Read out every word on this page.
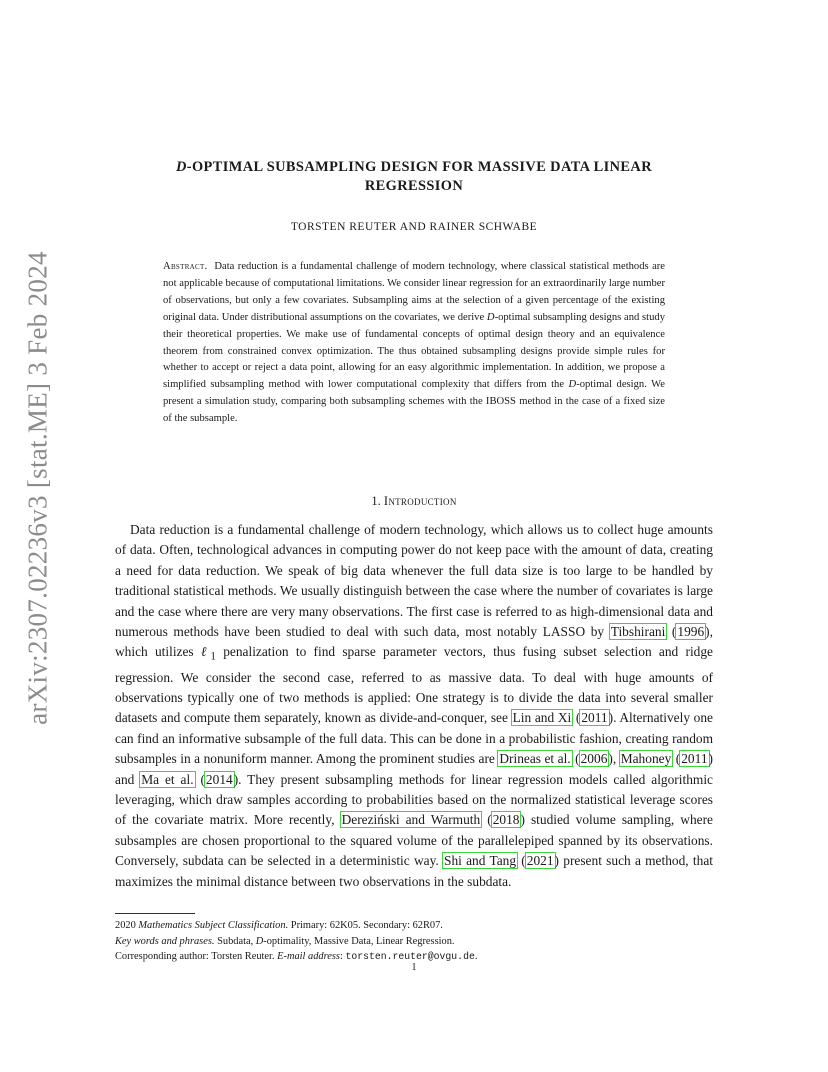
arXiv:2307.02236v3 [stat.ME] 3 Feb 2024
D-OPTIMAL SUBSAMPLING DESIGN FOR MASSIVE DATA LINEAR
REGRESSION
TORSTEN REUTER AND RAINER SCHWABE
Abstract. Data reduction is a fundamental challenge of modern technology, where classical statistical methods are not applicable because of computational limitations. We consider linear regression for an extraordinarily large number of observations, but only a few covariates. Subsampling aims at the selection of a given percentage of the existing original data. Under distributional assumptions on the covariates, we derive D-optimal subsampling designs and study their theoretical properties. We make use of fundamental concepts of optimal design theory and an equivalence theorem from constrained convex optimization. The thus obtained subsampling designs provide simple rules for whether to accept or reject a data point, allowing for an easy algorithmic implementation. In addition, we propose a simplified subsampling method with lower computational complexity that differs from the D-optimal design. We present a simulation study, comparing both subsampling schemes with the IBOSS method in the case of a fixed size of the subsample.
1. Introduction
Data reduction is a fundamental challenge of modern technology, which allows us to collect huge amounts of data. Often, technological advances in computing power do not keep pace with the amount of data, creating a need for data reduction. We speak of big data whenever the full data size is too large to be handled by traditional statistical methods. We usually distinguish between the case where the number of covariates is large and the case where there are very many observations. The first case is referred to as high-dimensional data and numerous methods have been studied to deal with such data, most notably LASSO by Tibshirani (1996), which utilizes ℓ$_1$ penalization to find sparse parameter vectors, thus fusing subset selection and ridge regression. We consider the second case, referred to as massive data. To deal with huge amounts of observations typically one of two methods is applied: One strategy is to divide the data into several smaller datasets and compute them separately, known as divide-and-conquer, see Lin and Xi (2011). Alternatively one can find an informative subsample of the full data. This can be done in a probabilistic fashion, creating random subsamples in a nonuniform manner. Among the prominent studies are Drineas et al. (2006), Mahoney (2011) and Ma et al. (2014). They present subsampling methods for linear regression models called algorithmic leveraging, which draw samples according to probabilities based on the normalized statistical leverage scores of the covariate matrix. More recently, Dereziński and Warmuth (2018) studied volume sampling, where subsamples are chosen proportional to the squared volume of the parallelepiped spanned by its observations. Conversely, subdata can be selected in a deterministic way. Shi and Tang (2021) present such a method, that maximizes the minimal distance between two observations in the subdata.
2020 Mathematics Subject Classification. Primary: 62K05. Secondary: 62R07.
Key words and phrases. Subdata, D-optimality, Massive Data, Linear Regression.
Corresponding author: Torsten Reuter. E-mail address: torsten.reuter@ovgu.de.
1
